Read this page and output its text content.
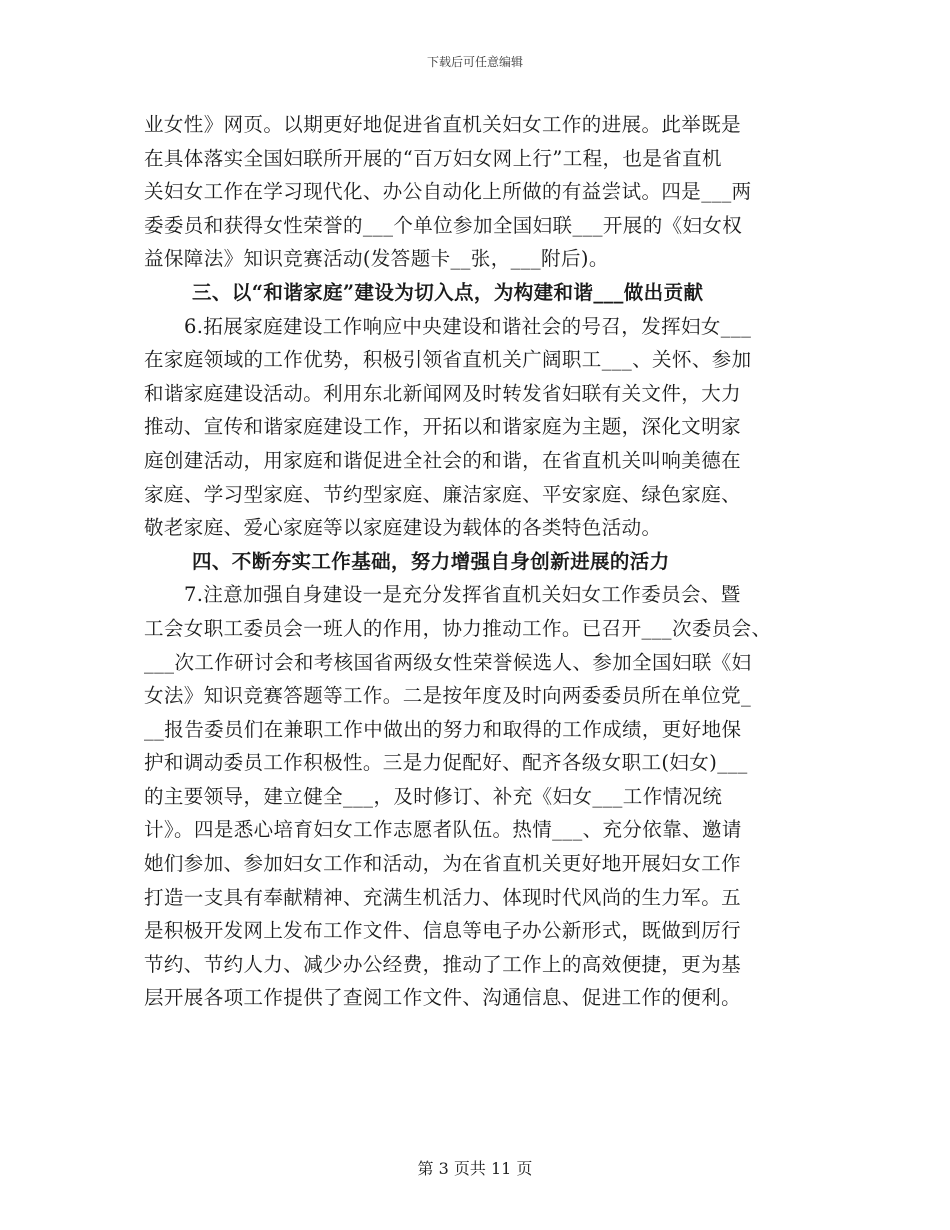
下载后可任意编辑
业女性》网页。以期更好地促进省直机关妇女工作的进展。此举既是
在具体落实全国妇联所开展的“百万妇女网上行”工程，也是省直机
关妇女工作在学习现代化、办公自动化上所做的有益尝试。四是___两
委委员和获得女性荣誉的___个单位参加全国妇联___开展的《妇女权
益保障法》知识竞赛活动(发答题卡__张，___附后)。
三、以“和谐家庭”建设为切入点，为构建和谐___做出贡献
6.拓展家庭建设工作响应中央建设和谐社会的号召，发挥妇女___
在家庭领域的工作优势，积极引领省直机关广阔职工___、关怀、参加
和谐家庭建设活动。利用东北新闻网及时转发省妇联有关文件，大力
推动、宣传和谐家庭建设工作，开拓以和谐家庭为主题，深化文明家
庭创建活动，用家庭和谐促进全社会的和谐，在省直机关叫响美德在
家庭、学习型家庭、节约型家庭、廉洁家庭、平安家庭、绿色家庭、
敬老家庭、爱心家庭等以家庭建设为载体的各类特色活动。
四、不断夯实工作基础，努力增强自身创新进展的活力
7.注意加强自身建设一是充分发挥省直机关妇女工作委员会、暨
工会女职工委员会一班人的作用，协力推动工作。已召开___次委员会、
___次工作研讨会和考核国省两级女性荣誉候选人、参加全国妇联《妇
女法》知识竞赛答题等工作。二是按年度及时向两委委员所在单位党_
__报告委员们在兼职工作中做出的努力和取得的工作成绩，更好地保
护和调动委员工作积极性。三是力促配好、配齐各级女职工(妇女)___
的主要领导，建立健全___，及时修订、补充《妇女___工作情况统
计》。四是悉心培育妇女工作志愿者队伍。热情___、充分依靠、邀请
她们参加、参加妇女工作和活动，为在省直机关更好地开展妇女工作
打造一支具有奉献精神、充满生机活力、体现时代风尚的生力军。五
是积极开发网上发布工作文件、信息等电子办公新形式，既做到厉行
节约、节约人力、减少办公经费，推动了工作上的高效便捷，更为基
层开展各项工作提供了查阅工作文件、沟通信息、促进工作的便利。
第 3 页共 11 页
